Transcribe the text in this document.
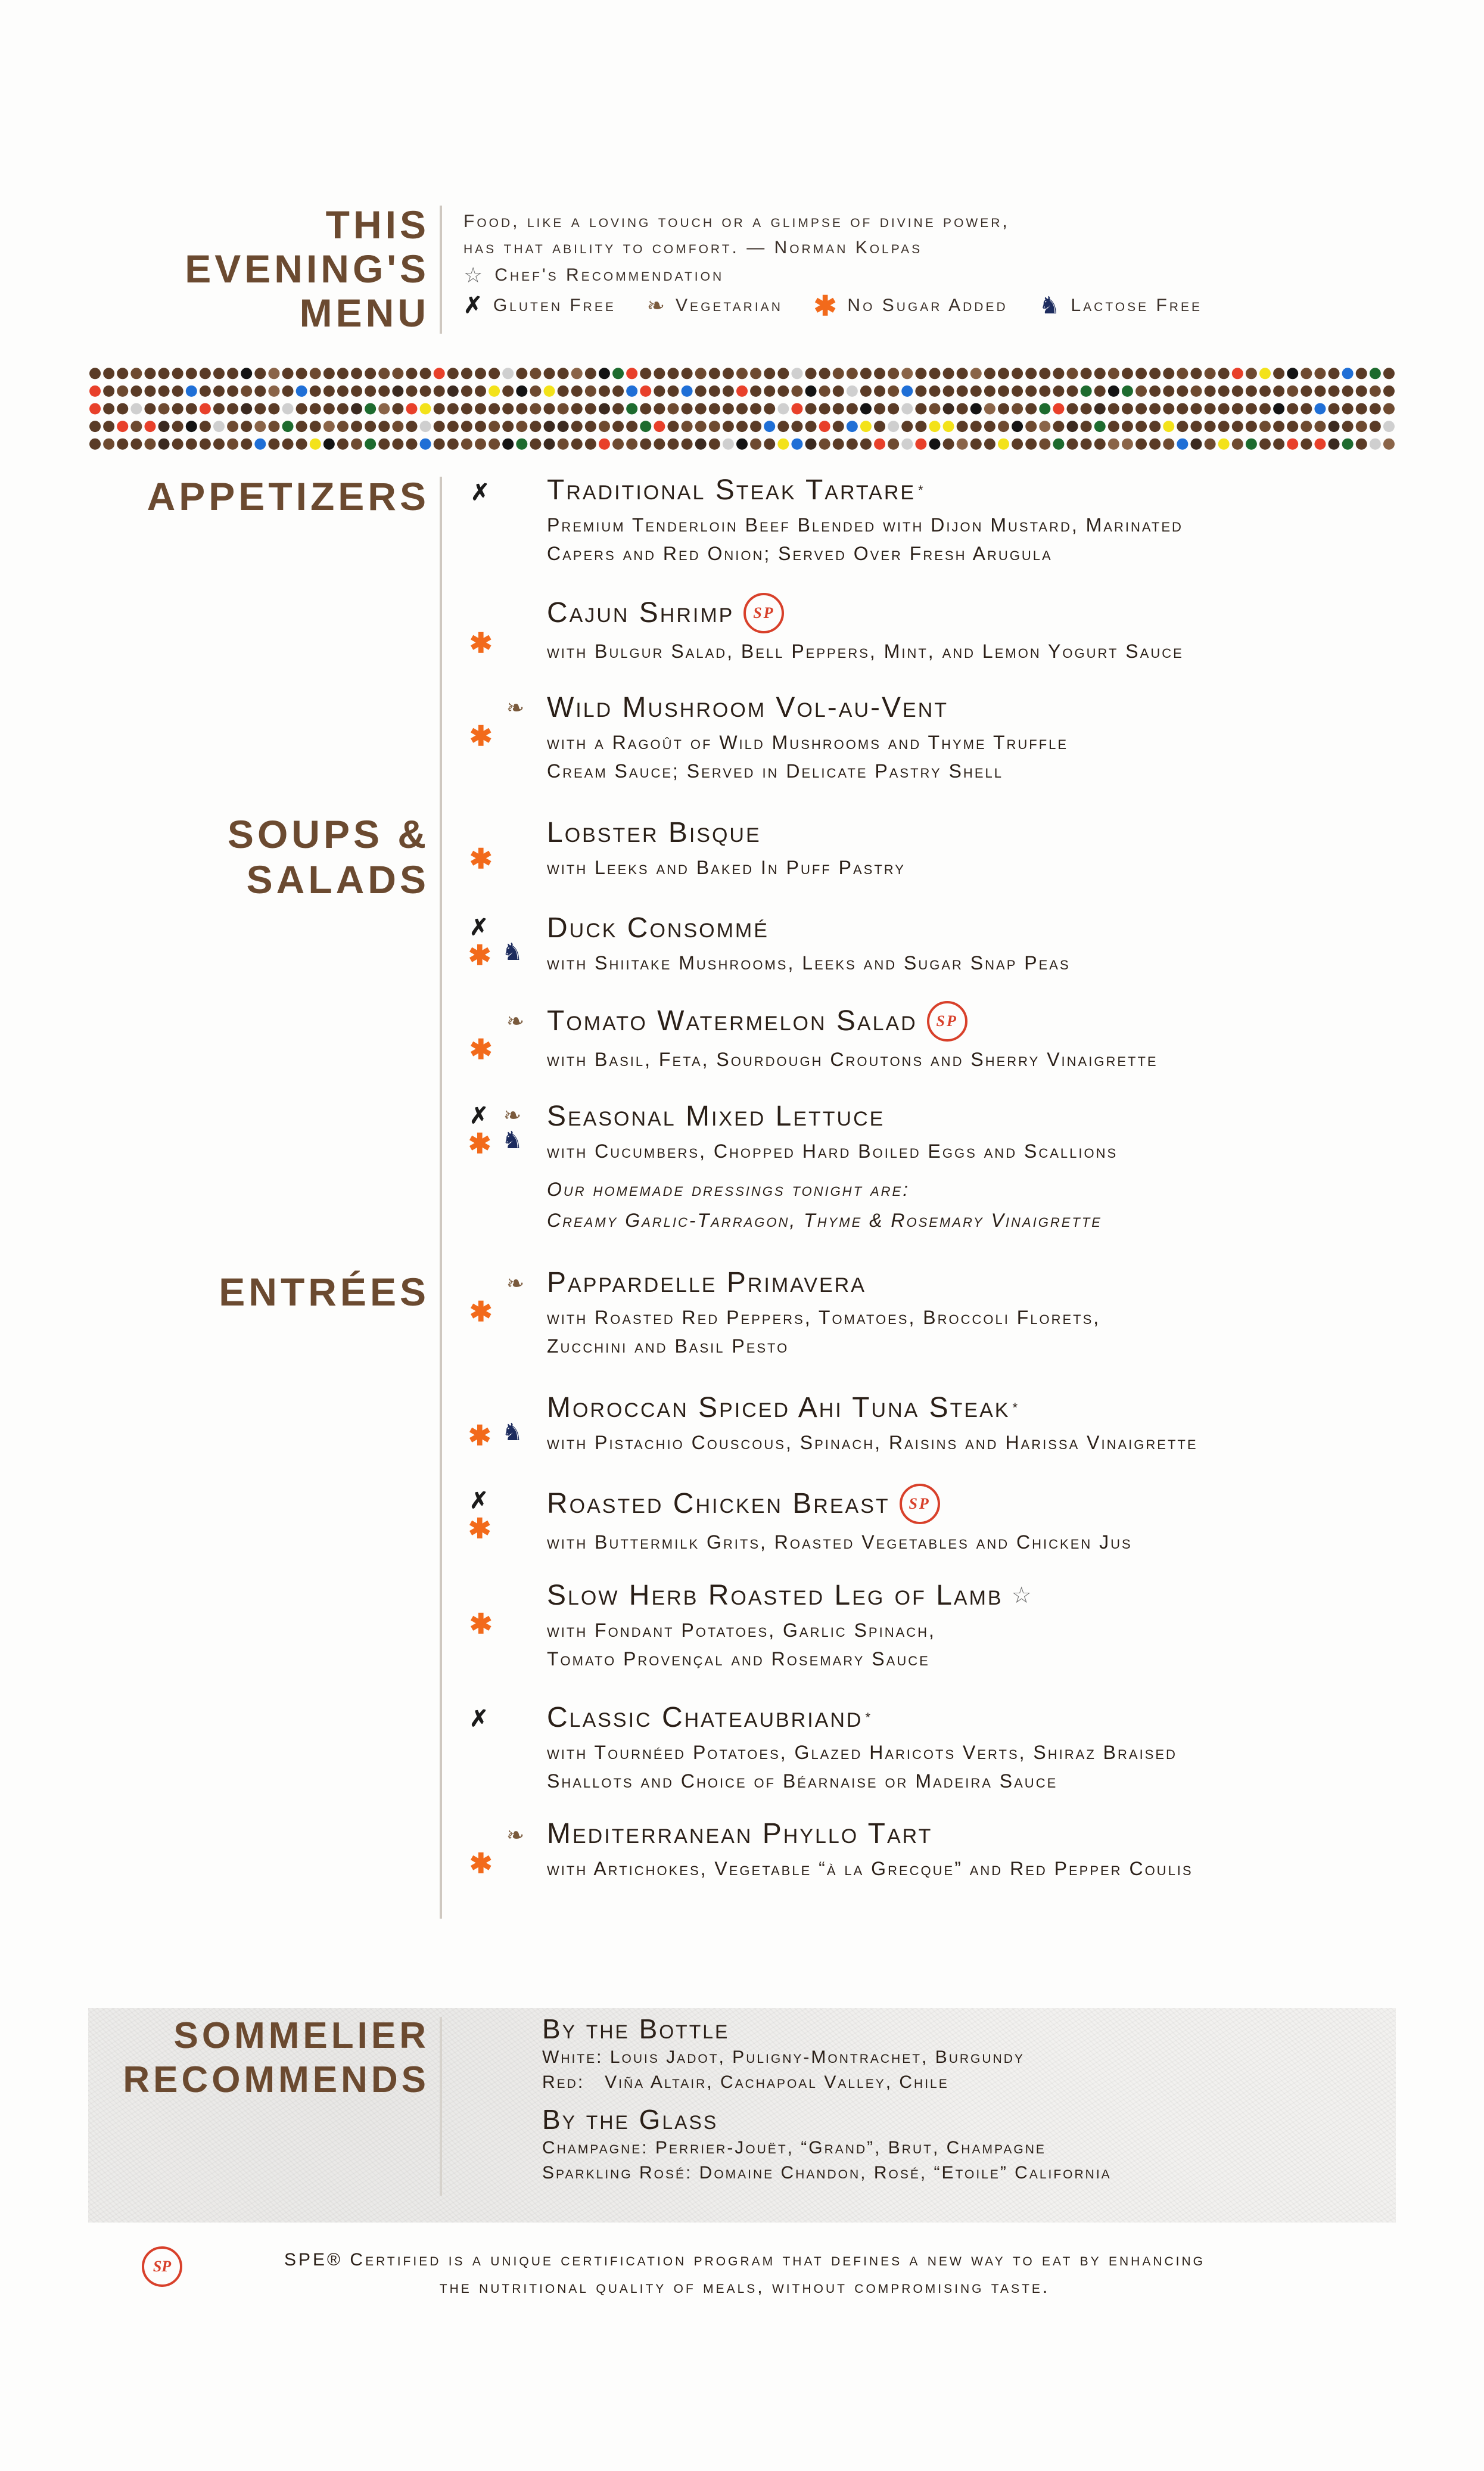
THIS
EVENING'S
MENU
Food, like a loving touch or a glimpse of divine power,
has that ability to comfort. — Norman Kolpas
☆ Chef's Recommendation
✗ Gluten Free ❧ Vegetarian ✱ No Sugar Added ♞ Lactose Free
APPETIZERS ✗ Traditional Steak Tartare *
Premium Tenderloin Beef Blended with Dijon Mustard, Marinated
Capers and Red Onion; Served Over Fresh Arugula
✱
Cajun Shrimp	SP
with Bulgur Salad, Bell Peppers, Mint, and Lemon Yogurt Sauce
❧
✱
Wild Mushroom Vol-au-Vent
with a Ragoût of Wild Mushrooms and Thyme Truffle
Cream Sauce; Served in Delicate Pastry Shell
SOUPS &
SALADS ✱
Lobster Bisque
with Leeks and Baked In Puff Pastry
✗
✱ ♞
Duck Consommé
with Shiitake Mushrooms, Leeks and Sugar Snap Peas
❧
✱
Tomato Watermelon Salad	SP
with Basil, Feta, Sourdough Croutons and Sherry Vinaigrette
✗ ❧
✱ ♞
Seasonal Mixed Lettuce
with Cucumbers, Chopped Hard Boiled Eggs and Scallions
Our homemade dressings tonight are:
Creamy Garlic-Tarragon, Thyme & Rosemary Vinaigrette
ENTRÉES	❧
✱
Pappardelle Primavera
with Roasted Red Peppers, Tomatoes, Broccoli Florets,
Zucchini and Basil Pesto
✱ ♞
Moroccan Spiced Ahi Tuna Steak *
with Pistachio Couscous, Spinach, Raisins and Harissa Vinaigrette
✗
✱
Roasted Chicken Breast	SP
with Buttermilk Grits, Roasted Vegetables and Chicken Jus
✱
Slow Herb Roasted Leg of Lamb ☆
with Fondant Potatoes, Garlic Spinach,
Tomato Provençal and Rosemary Sauce
✗ Classic Chateaubriand *
with Tournéed Potatoes, Glazed Haricots Verts, Shiraz Braised
Shallots and Choice of Béarnaise or Madeira Sauce
❧
✱
Mediterranean Phyllo Tart
with Artichokes, Vegetable “à la Grecque” and Red Pepper Coulis
SOMMELIER
RECOMMENDS
By the Bottle
White: Louis Jadot, Puligny-Montrachet, Burgundy
Red:   Viña Altair, Cachapoal Valley, Chile
By the Glass
Champagne: Perrier-Jouët, “Grand”, Brut, Champagne
Sparkling Rosé: Domaine Chandon, Rosé, “Etoile” California
SP	SPE® Certified is a unique certification program that defines a new way to eat by enhancing
the nutritional quality of meals, without compromising taste.
